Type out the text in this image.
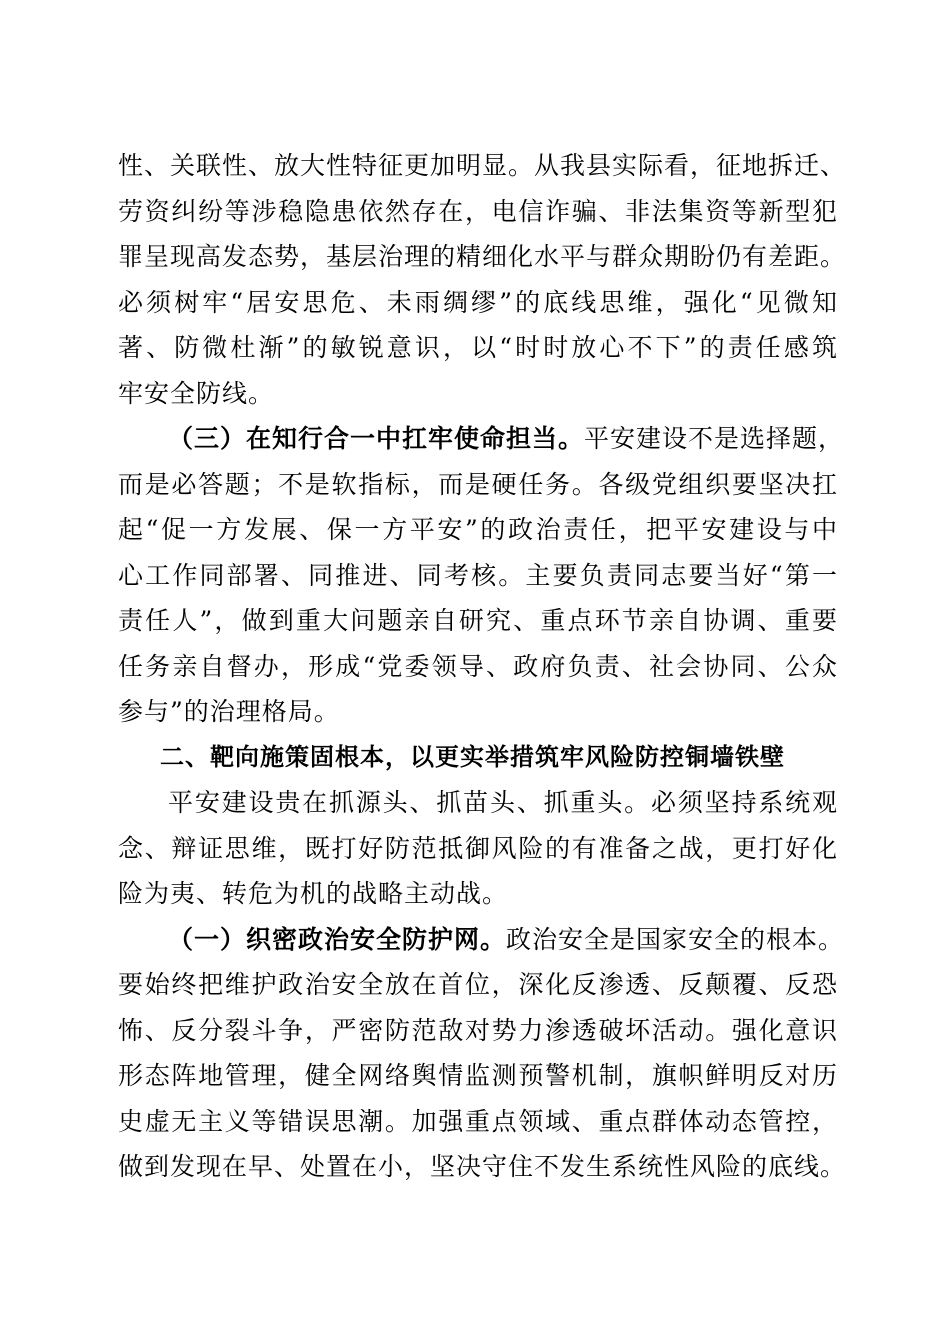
性、关联性、放大性特征更加明显。从我县实际看，征地拆迁、
劳资纠纷等涉稳隐患依然存在，电信诈骗、非法集资等新型犯
罪呈现高发态势，基层治理的精细化水平与群众期盼仍有差距。
必须树牢“居安思危、未雨绸缪”的底线思维，强化“见微知
著、防微杜渐”的敏锐意识，以“时时放心不下”的责任感筑
牢安全防线。
（三）在知行合一中扛牢使命担当。平安建设不是选择题，
而是必答题；不是软指标，而是硬任务。各级党组织要坚决扛
起“促一方发展、保一方平安”的政治责任，把平安建设与中
心工作同部署、同推进、同考核。主要负责同志要当好“第一
责任人”，做到重大问题亲自研究、重点环节亲自协调、重要
任务亲自督办，形成“党委领导、政府负责、社会协同、公众
参与”的治理格局。
二、靶向施策固根本，以更实举措筑牢风险防控铜墙铁壁
平安建设贵在抓源头、抓苗头、抓重头。必须坚持系统观
念、辩证思维，既打好防范抵御风险的有准备之战，更打好化
险为夷、转危为机的战略主动战。
（一）织密政治安全防护网。政治安全是国家安全的根本。
要始终把维护政治安全放在首位，深化反渗透、反颠覆、反恐
怖、反分裂斗争，严密防范敌对势力渗透破坏活动。强化意识
形态阵地管理，健全网络舆情监测预警机制，旗帜鲜明反对历
史虚无主义等错误思潮。加强重点领域、重点群体动态管控，
做到发现在早、处置在小，坚决守住不发生系统性风险的底线。
